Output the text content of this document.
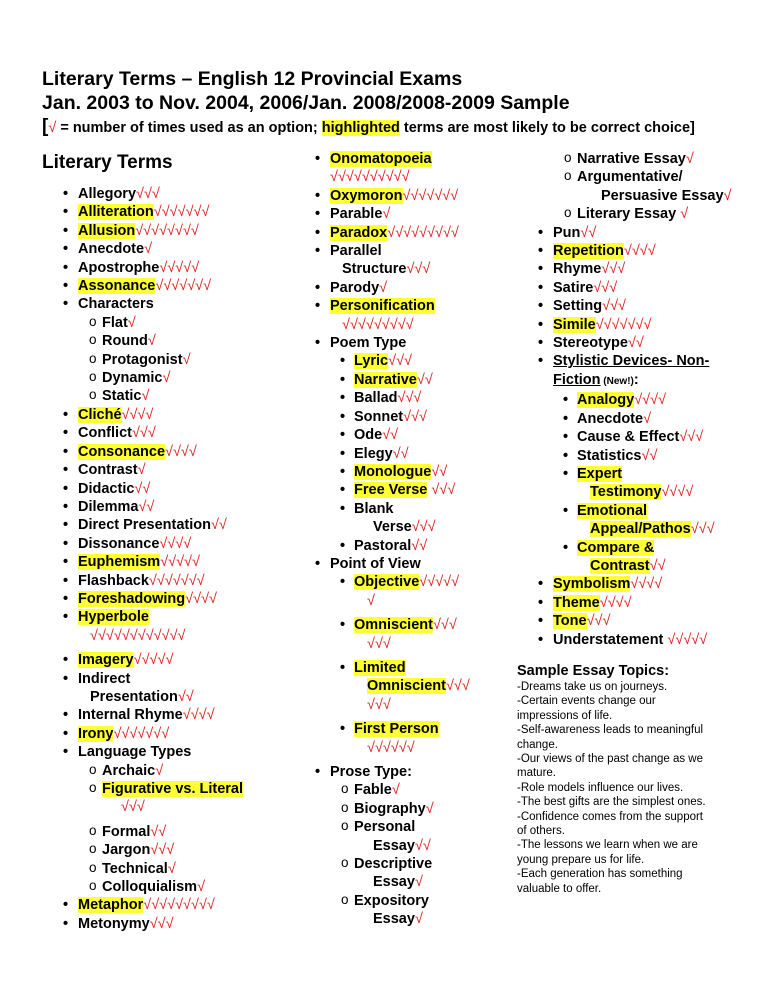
Literary Terms – English 12 Provincial Exams
Jan. 2003 to Nov. 2004, 2006/Jan. 2008/2008-2009 Sample
[√ = number of times used as an option; highlighted terms are most likely to be correct choice]
Literary Terms
• Allegory√√√
• Alliteration√√√√√√√
• Allusion√√√√√√√√
• Anecdote√
• Apostrophe√√√√√
• Assonance√√√√√√√
• Characters
o Flat√
o Round√
o Protagonist√
o Dynamic√
o Static√
• Cliché√√√√
• Conflict√√√
• Consonance√√√√
• Contrast√
• Didactic√√
• Dilemma√√
• Direct Presentation√√
• Dissonance√√√√
• Euphemism√√√√√
• Flashback√√√√√√√
• Foreshadowing√√√√
• Hyperbole
√√√√√√√√√√√√
• Imagery√√√√√
• Indirect
Presentation√√
• Internal Rhyme√√√√
• Irony√√√√√√√
• Language Types
o Archaic√
o Figurative vs. Literal
√√√
o Formal√√
o Jargon√√√
o Technical√
o Colloquialism√
• Metaphor√√√√√√√√√
• Metonymy√√√
• Onomatopoeia
√√√√√√√√√√
• Oxymoron√√√√√√√
• Parable√
• Paradox√√√√√√√√√
• Parallel
Structure√√√
• Parody√
• Personification
√√√√√√√√√
• Poem Type
• Lyric√√√
• Narrative√√
• Ballad√√√
• Sonnet√√√
• Ode√√
• Elegy√√
• Monologue√√
• Free Verse √√√
• Blank
Verse√√√
• Pastoral√√
• Point of View
• Objective√√√√√
√
• Omniscient√√√
√√√
• Limited
Omniscient√√√
√√√
• First Person
√√√√√√
• Prose Type:
o Fable√
o Biography√
o Personal
Essay√√
o Descriptive
Essay√
o Expository
Essay√
o Narrative Essay√
o Argumentative/
Persuasive Essay√
o Literary Essay √
• Pun√√
• Repetition√√√√
• Rhyme√√√
• Satire√√√
• Setting√√√
• Simile√√√√√√√
• Stereotype√√
• Stylistic Devices- Non-
Fiction (New!):
• Analogy√√√√
• Anecdote√
• Cause & Effect√√√
• Statistics√√
• Expert
Testimony√√√√
• Emotional
Appeal/Pathos√√√
• Compare &
Contrast√√
• Symbolism√√√√
• Theme√√√√
• Tone√√√
• Understatement √√√√√
Sample Essay Topics:
-Dreams take us on journeys.
-Certain events change our
impressions of life.
-Self-awareness leads to meaningful
change.
-Our views of the past change as we
mature.
-Role models influence our lives.
-The best gifts are the simplest ones.
-Confidence comes from the support
of others.
-The lessons we learn when we are
young prepare us for life.
-Each generation has something
valuable to offer.
